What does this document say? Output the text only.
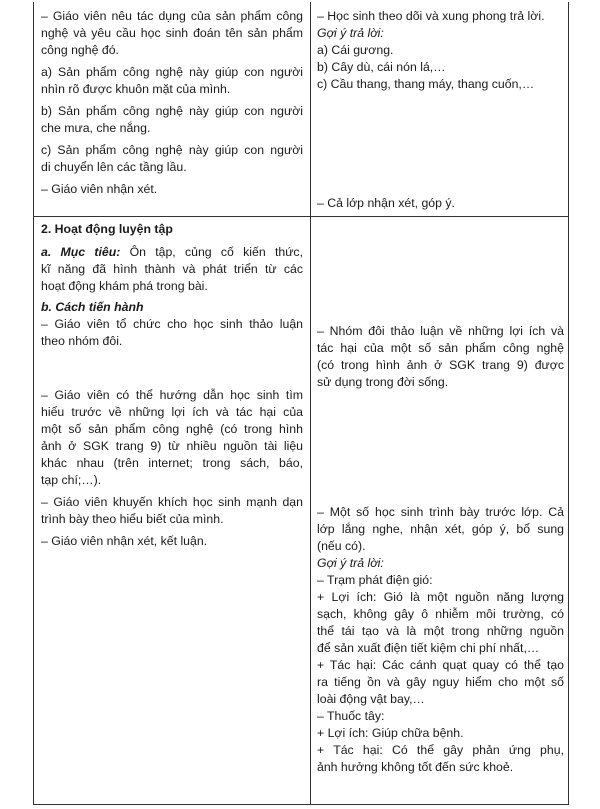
– Giáo viên nêu tác dụng của sản phẩm công
nghệ và yêu cầu học sinh đoán tên sản phẩm
công nghệ đó.
a) Sản phẩm công nghệ này giúp con người
nhìn rõ được khuôn mặt của mình.
b) Sản phẩm công nghệ này giúp con người
che mưa, che nắng.
c) Sản phẩm công nghệ này giúp con người
di chuyển lên các tầng lầu.
– Giáo viên nhận xét.
– Học sinh theo dõi và xung phong trả lời.
Gợi ý trả lời:
a) Cái gương.
b) Cây dù, cái nón lá,…
c) Cầu thang, thang máy, thang cuốn,…
– Cả lớp nhận xét, góp ý.
2. Hoạt động luyện tập
a. Mục tiêu: Ôn tập, củng cố kiến thức,
kĩ năng đã hình thành và phát triển từ các
hoạt động khám phá trong bài.
b. Cách tiến hành
– Giáo viên tổ chức cho học sinh thảo luận
theo nhóm đôi.
– Giáo viên có thể hướng dẫn học sinh tìm
hiểu trước về những lợi ích và tác hại của
một số sản phẩm công nghệ (có trong hình
ảnh ở SGK trang 9) từ nhiều nguồn tài liệu
khác nhau (trên internet; trong sách, báo,
tạp chí;…).
– Giáo viên khuyến khích học sinh mạnh dạn
trình bày theo hiểu biết của mình.
– Giáo viên nhận xét, kết luận.
– Nhóm đôi thảo luận về những lợi ích và
tác hại của một số sản phẩm công nghệ
(có trong hình ảnh ở SGK trang 9) được
sử dụng trong đời sống.
– Một số học sinh trình bày trước lớp. Cả
lớp lắng nghe, nhận xét, góp ý, bổ sung
(nếu có).
Gợi ý trả lời:
– Trạm phát điện gió:
+ Lợi ích: Gió là một nguồn năng lượng
sạch, không gây ô nhiễm môi trường, có
thể tái tạo và là một trong những nguồn
để sản xuất điện tiết kiệm chi phí nhất,…
+ Tác hại: Các cánh quạt quay có thể tạo
ra tiếng ồn và gây nguy hiểm cho một số
loài động vật bay,…
– Thuốc tây:
+ Lợi ích: Giúp chữa bệnh.
+ Tác hại: Có thể gây phản ứng phụ,
ảnh hưởng không tốt đến sức khoẻ.
